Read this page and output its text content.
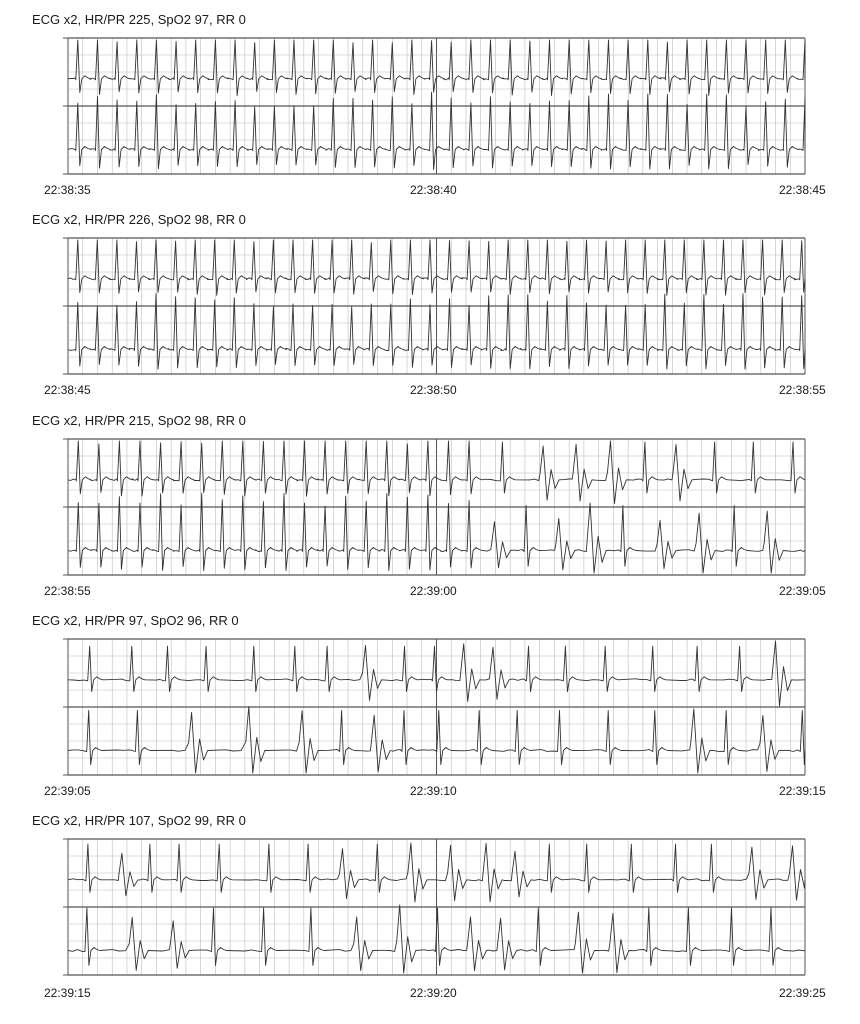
ECG x2, HR/PR 225, SpO2 97, RR 0
22:38:35	22:38:40	22:38:45
ECG x2, HR/PR 226, SpO2 98, RR 0
22:38:45	22:38:50	22:38:55
ECG x2, HR/PR 215, SpO2 98, RR 0
22:38:55	22:39:00	22:39:05
ECG x2, HR/PR 97, SpO2 96, RR 0
22:39:05	22:39:10	22:39:15
ECG x2, HR/PR 107, SpO2 99, RR 0
22:39:15	22:39:20	22:39:25
